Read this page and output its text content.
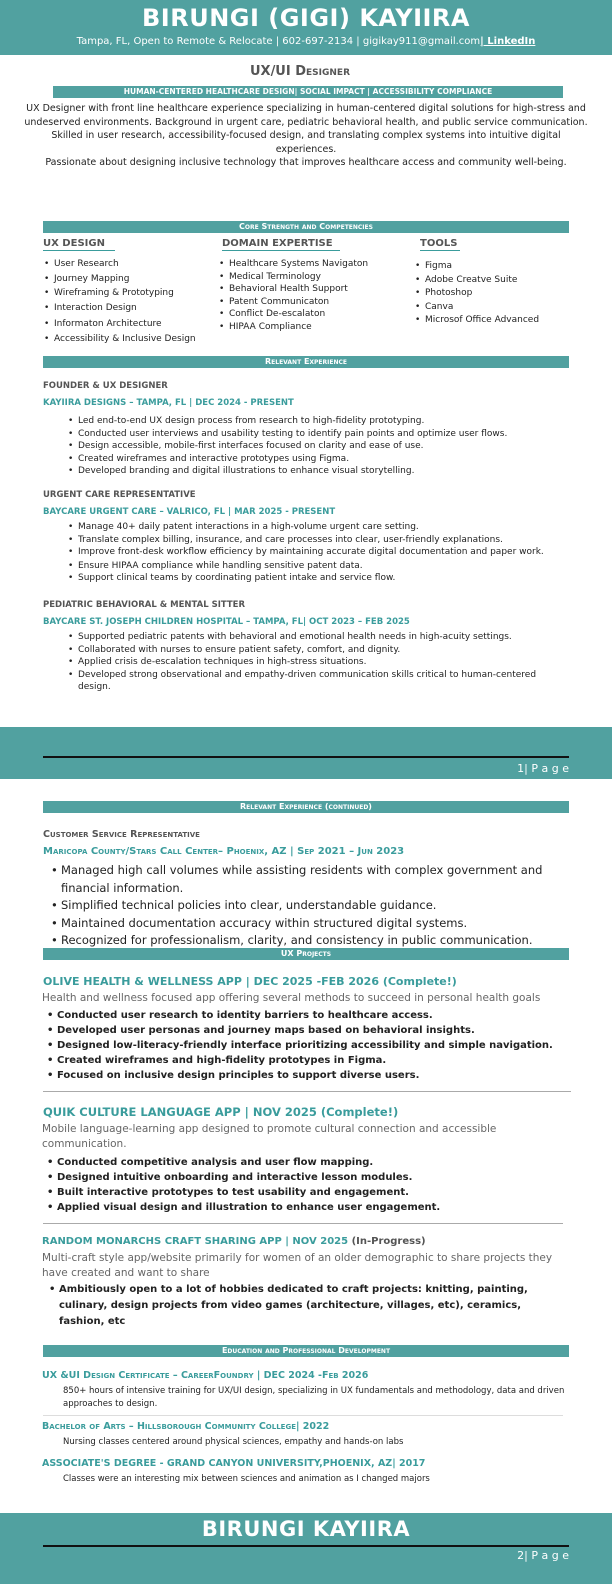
BIRUNGI (GIGI) KAYIIRA
Tampa, FL, Open to Remote & Relocate | 602-697-2134 | gigikay911@gmail.com| LinkedIn
UX/UI Designer
HUMAN-CENTERED HEALTHCARE DESIGN| SOCIAL IMPACT | ACCESSIBILITY COMPLIANCE
UX Designer with front line healthcare experience specializing in human-centered digital solutions for high-stress and
undeserved environments. Background in urgent care, pediatric behavioral health, and public service communication.
Skilled in user research, accessibility-focused design, and translating complex systems into intuitive digital experiences.
Passionate about designing inclusive technology that improves healthcare access and community well-being.
Core Strength and Competencies
UX DESIGN
• User Research
• Journey Mapping
• Wireframing & Prototyping
• Interaction Design
• Informaton Architecture
• Accessibility & Inclusive Design
DOMAIN EXPERTISE
• Healthcare Systems Navigaton
• Medical Terminology
• Behavioral Health Support
• Patent Communicaton
• Conflict De-escalaton
• HIPAA Compliance
TOOLS
• Figma
• Adobe Creatve Suite
• Photoshop
• Canva
• Microsof Office Advanced
Relevant Experience
FOUNDER & UX DESIGNER
KAYIIRA DESIGNS – TAMPA, FL | DEC 2024 - PRESENT
• Led end-to-end UX design process from research to high-fidelity prototyping.
• Conducted user interviews and usability testing to identify pain points and optimize user flows.
• Design accessible, mobile-first interfaces focused on clarity and ease of use.
• Created wireframes and interactive prototypes using Figma.
• Developed branding and digital illustrations to enhance visual storytelling.
URGENT CARE REPRESENTATIVE
BAYCARE URGENT CARE – VALRICO, FL | MAR 2025 - PRESENT
• Manage 40+ daily patent interactions in a high-volume urgent care setting.
• Translate complex billing, insurance, and care processes into clear, user-friendly explanations.
• Improve front-desk workflow efficiency by maintaining accurate digital documentation and paper work.
• Ensure HIPAA compliance while handling sensitive patent data.
• Support clinical teams by coordinating patient intake and service flow.
PEDIATRIC BEHAVIORAL & MENTAL SITTER
BAYCARE ST. JOSEPH CHILDREN HOSPITAL – TAMPA, FL| OCT 2023 – FEB 2025
• Supported pediatric patents with behavioral and emotional health needs in high-acuity settings.
• Collaborated with nurses to ensure patient safety, comfort, and dignity.
• Applied crisis de-escalation techniques in high-stress situations.
• Developed strong observational and empathy-driven communication skills critical to human-centered design.
1| P a g e
Relevant Experience (continued)
Customer Service Representative
Maricopa County/Stars Call Center– Phoenix, AZ | Sep 2021 – Jun 2023
• Managed high call volumes while assisting residents with complex government and financial information.
• Simplified technical policies into clear, understandable guidance.
• Maintained documentation accuracy within structured digital systems.
• Recognized for professionalism, clarity, and consistency in public communication.
UX Projects
OLIVE HEALTH & WELLNESS APP | DEC 2025 -FEB 2026 (Complete!)
Health and wellness focused app offering several methods to succeed in personal health goals
• Conducted user research to identity barriers to healthcare access.
• Developed user personas and journey maps based on behavioral insights.
• Designed low-literacy-friendly interface prioritizing accessibility and simple navigation.
• Created wireframes and high-fidelity prototypes in Figma.
• Focused on inclusive design principles to support diverse users.
QUIK CULTURE LANGUAGE APP | NOV 2025 (Complete!)
Mobile language-learning app designed to promote cultural connection and accessible communication.
• Conducted competitive analysis and user flow mapping.
• Designed intuitive onboarding and interactive lesson modules.
• Built interactive prototypes to test usability and engagement.
• Applied visual design and illustration to enhance user engagement.
RANDOM MONARCHS CRAFT SHARING APP | NOV 2025 (In-Progress)
Multi-craft style app/website primarily for women of an older demographic to share projects they have created and want to share
• Ambitiously open to a lot of hobbies dedicated to craft projects: knitting, painting, culinary, design projects from video games (architecture, villages, etc), ceramics, fashion, etc
Education and Professional Development
UX &UI Design Certificate – CareerFoundry | DEC 2024 -Feb 2026
850+ hours of intensive training for UX/UI design, specializing in UX fundamentals and methodology, data and driven approaches to design.
Bachelor of Arts – Hillsborough Community College| 2022
Nursing classes centered around physical sciences, empathy and hands-on labs
ASSOCIATE'S DEGREE - GRAND CANYON UNIVERSITY,PHOENIX, AZ| 2017
Classes were an interesting mix between sciences and animation as I changed majors
BIRUNGI KAYIIRA
2| P a g e
